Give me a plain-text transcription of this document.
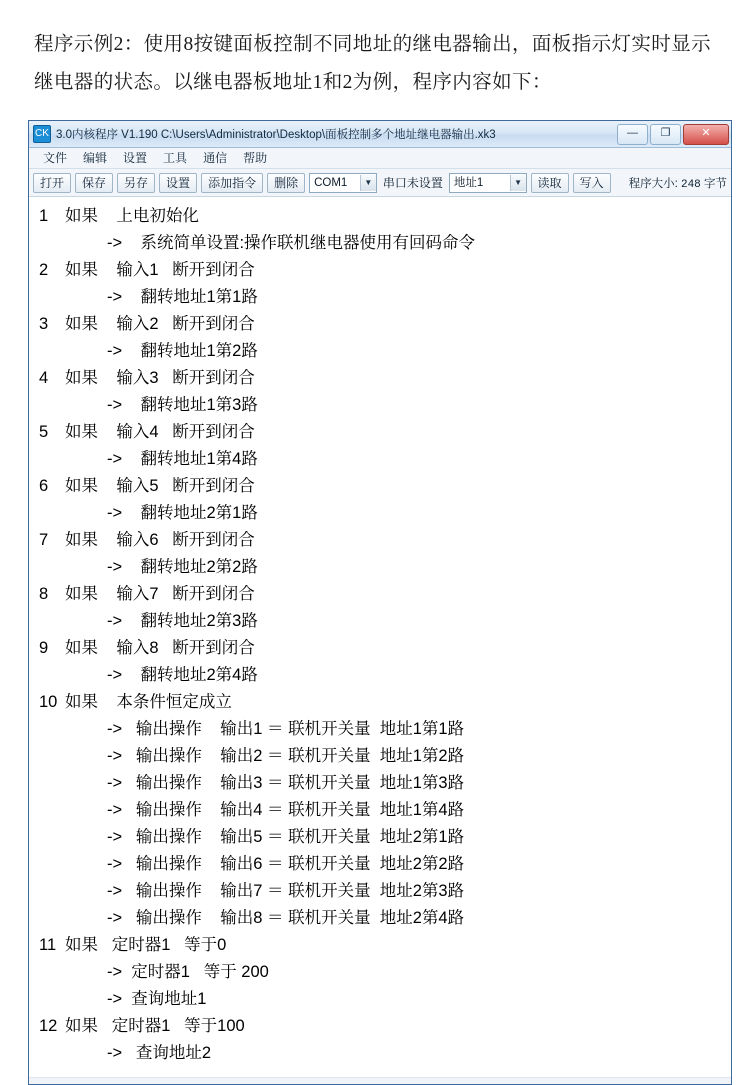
程序示例2：使用8按键面板控制不同地址的继电器输出，面板指示灯实时显示继电器的状态。以继电器板地址1和2为例，程序内容如下：

CK 3.0内核程序 V1.190 C:\Users\Administrator\Desktop\面板控制多个地址继电器输出.xk3	—	❐	✕
文件	编辑	设置	工具	通信	帮助
打开	保存	另存	设置	添加指令	删除	COM1	▼ 串口未设置 地址1	▼	读取	写入	程序大小: 248 字节
1	如果    上电初始化
->    系统简单设置:操作联机继电器使用有回码命令
2	如果    输入1   断开到闭合
->    翻转地址1第1路
3	如果    输入2   断开到闭合
->    翻转地址1第2路
4	如果    输入3   断开到闭合
->    翻转地址1第3路
5	如果    输入4   断开到闭合
->    翻转地址1第4路
6	如果    输入5   断开到闭合
->    翻转地址2第1路
7	如果    输入6   断开到闭合
->    翻转地址2第2路
8	如果    输入7   断开到闭合
->    翻转地址2第3路
9	如果    输入8   断开到闭合
->    翻转地址2第4路
10 如果    本条件恒定成立
->   输出操作    输出1 ＝ 联机开关量  地址1第1路
->   输出操作    输出2 ＝ 联机开关量  地址1第2路
->   输出操作    输出3 ＝ 联机开关量  地址1第3路
->   输出操作    输出4 ＝ 联机开关量  地址1第4路
->   输出操作    输出5 ＝ 联机开关量  地址2第1路
->   输出操作    输出6 ＝ 联机开关量  地址2第2路
->   输出操作    输出7 ＝ 联机开关量  地址2第3路
->   输出操作    输出8 ＝ 联机开关量  地址2第4路
11 如果   定时器1   等于0
->  定时器1   等于 200
->  查询地址1
12 如果   定时器1   等于100
->   查询地址2
